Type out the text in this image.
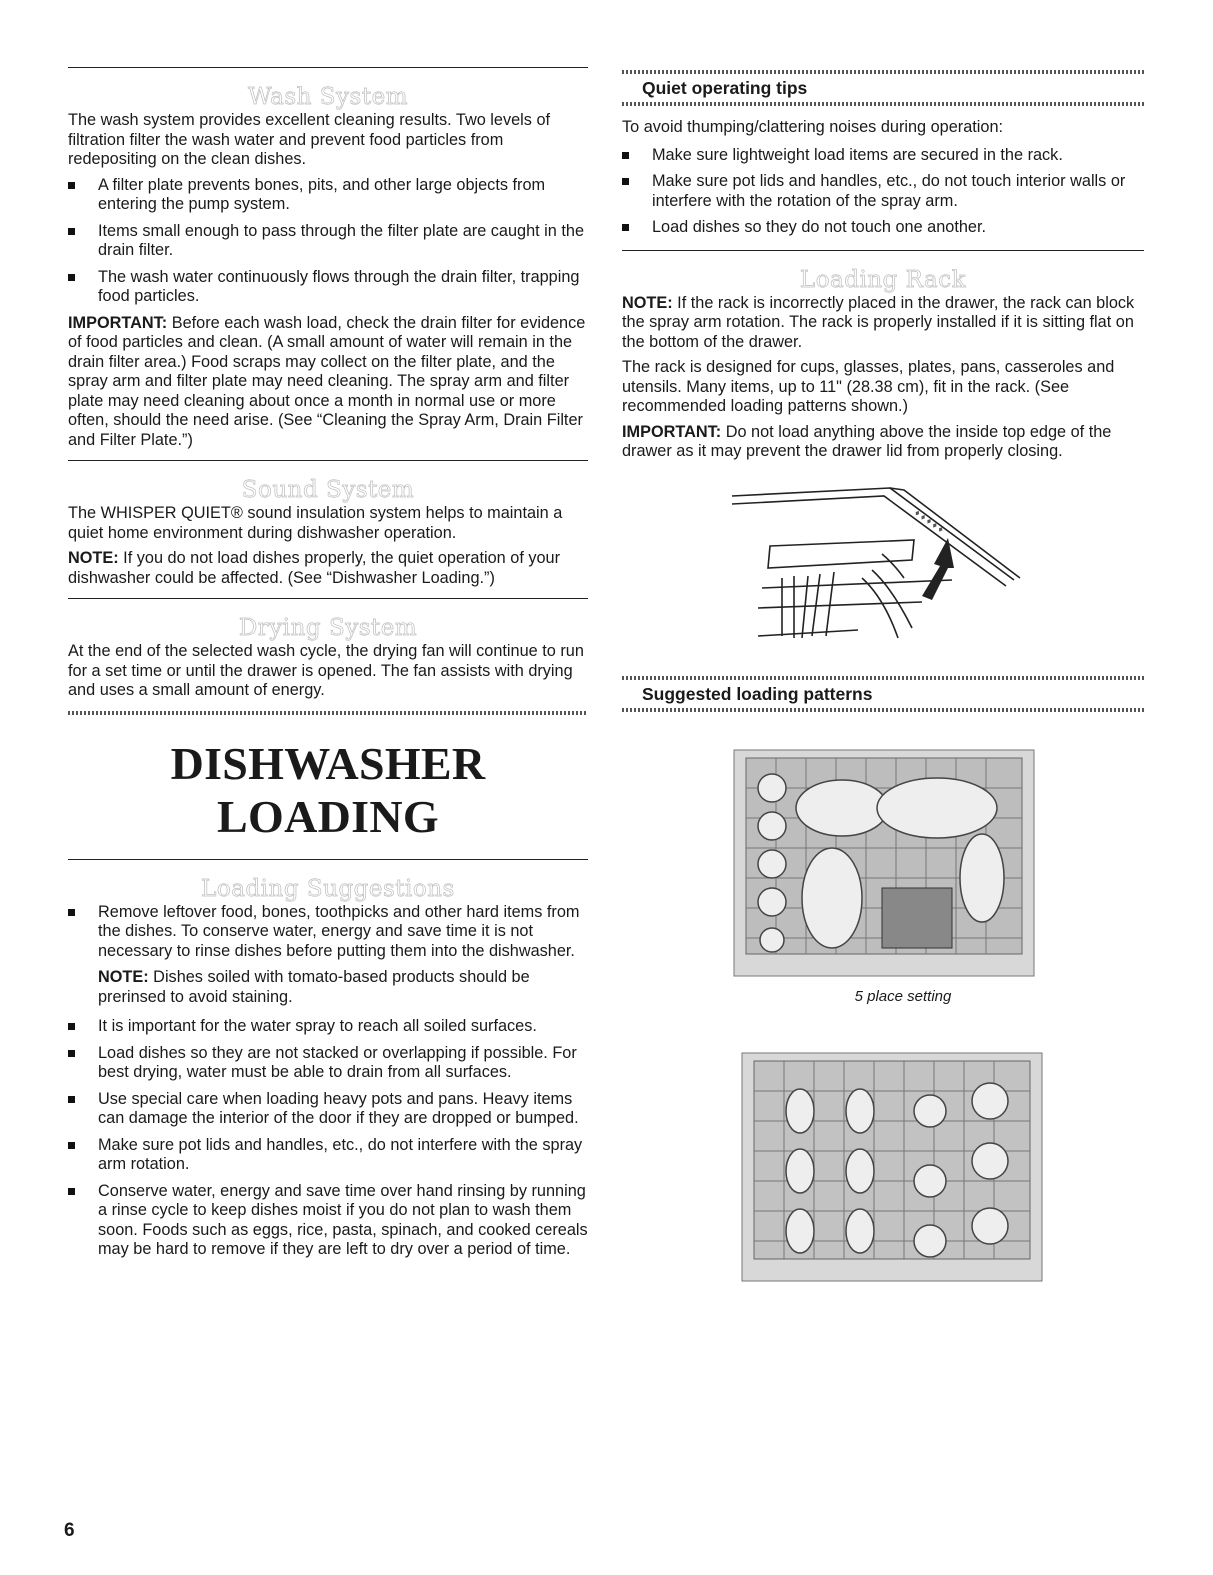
Wash System

The wash system provides excellent cleaning results. Two levels of filtration filter the wash water and prevent food particles from redepositing on the clean dishes.

A filter plate prevents bones, pits, and other large objects from entering the pump system.
Items small enough to pass through the filter plate are caught in the drain filter.
The wash water continuously flows through the drain filter, trapping food particles.

IMPORTANT: Before each wash load, check the drain filter for evidence of food particles and clean. (A small amount of water will remain in the drain filter area.) Food scraps may collect on the filter plate, and the spray arm and filter plate may need cleaning. The spray arm and filter plate may need cleaning about once a month in normal use or more often, should the need arise. (See “Cleaning the Spray Arm, Drain Filter and Filter Plate.”)

Sound System

The WHISPER QUIET® sound insulation system helps to maintain a quiet home environment during dishwasher operation.

NOTE: If you do not load dishes properly, the quiet operation of your dishwasher could be affected. (See “Dishwasher Loading.”)

Drying System

At the end of the selected wash cycle, the drying fan will continue to run for a set time or until the drawer is opened. The fan assists with drying and uses a small amount of energy.

DISHWASHER LOADING
Loading Suggestions
Remove leftover food, bones, toothpicks and other hard items from the dishes. To conserve water, energy and save time it is not necessary to rinse dishes before putting them into the dishwasher.

NOTE: Dishes soiled with tomato-based products should be prerinsed to avoid staining.

It is important for the water spray to reach all soiled surfaces.
Load dishes so they are not stacked or overlapping if possible. For best drying, water must be able to drain from all surfaces.
Use special care when loading heavy pots and pans. Heavy items can damage the interior of the door if they are dropped or bumped.
Make sure pot lids and handles, etc., do not interfere with the spray arm rotation.
Conserve water, energy and save time over hand rinsing by running a rinse cycle to keep dishes moist if you do not plan to wash them soon. Foods such as eggs, rice, pasta, spinach, and cooked cereals may be hard to remove if they are left to dry over a period of time.
Quiet operating tips

To avoid thumping/clattering noises during operation:

Make sure lightweight load items are secured in the rack.
Make sure pot lids and handles, etc., do not touch interior walls or interfere with the rotation of the spray arm.
Load dishes so they do not touch one another.
Loading Rack

NOTE: If the rack is incorrectly placed in the drawer, the rack can block the spray arm rotation. The rack is properly installed if it is sitting flat on the bottom of the drawer.

The rack is designed for cups, glasses, plates, pans, casseroles and utensils. Many items, up to 11" (28.38 cm), fit in the rack. (See recommended loading patterns shown.)

IMPORTANT: Do not load anything above the inside top edge of the drawer as it may prevent the drawer lid from properly closing.

♦ ♦ ♦ ♦ ♦
Suggested loading patterns
5 place setting
6
